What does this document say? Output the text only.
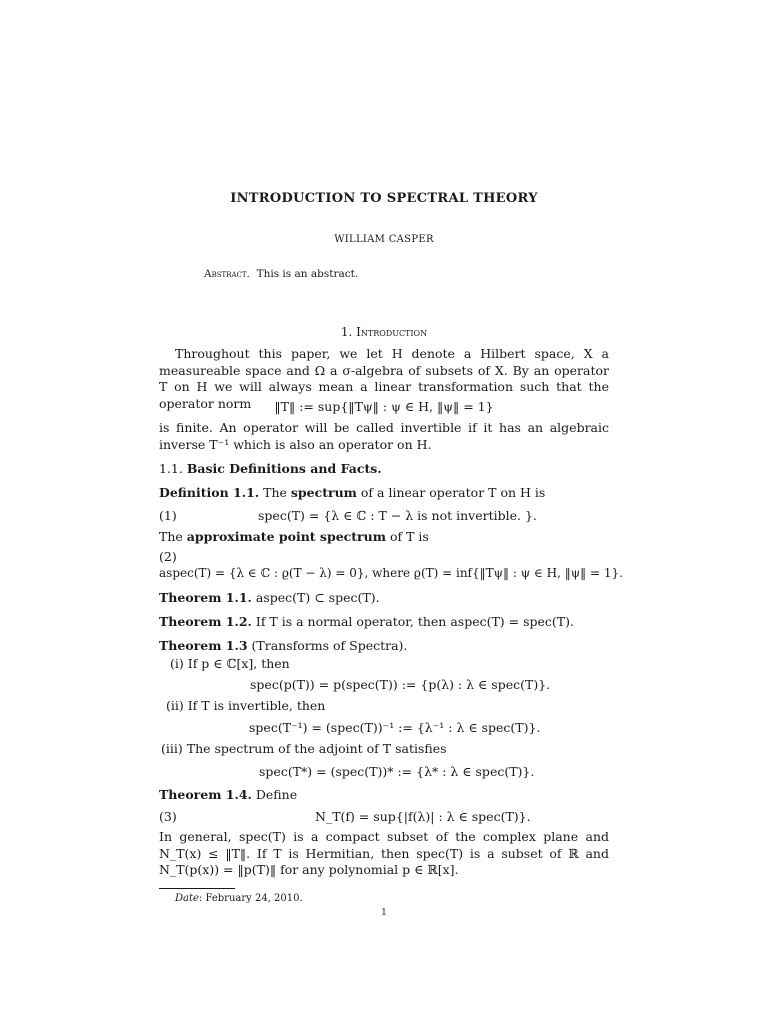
INTRODUCTION TO SPECTRAL THEORY
WILLIAM CASPER
Abstract. This is an abstract.
1. Introduction
Throughout this paper, we let H denote a Hilbert space, X a measureable space and Ω a σ-algebra of subsets of X. By an operator T on H we will always mean a linear transformation such that the operator norm	‖T‖ := sup{‖Tψ‖ : ψ ∈ H, ‖ψ‖ = 1}
is finite. An operator will be called invertible if it has an algebraic inverse T⁻¹ which is also an operator on H.
1.1. Basic Definitions and Facts.
Definition 1.1. The spectrum of a linear operator T on H is
(1)	spec(T) = {λ ∈ ℂ : T − λ is not invertible. }.
The approximate point spectrum of T is
(2)
aspec(T) = {λ ∈ ℂ : ϱ(T − λ) = 0}, where ϱ(T) = inf{‖Tψ‖ : ψ ∈ H, ‖ψ‖ = 1}.
Theorem 1.1. aspec(T) ⊂ spec(T).
Theorem 1.2. If T is a normal operator, then aspec(T) = spec(T).
Theorem 1.3 (Transforms of Spectra).
(i) If p ∈ ℂ[x], then
spec(p(T)) = p(spec(T)) := {p(λ) : λ ∈ spec(T)}.
(ii) If T is invertible, then
spec(T⁻¹) = (spec(T))⁻¹ := {λ⁻¹ : λ ∈ spec(T)}.
(iii) The spectrum of the adjoint of T satisfies
spec(T*) = (spec(T))* := {λ* : λ ∈ spec(T)}.
Theorem 1.4. Define
(3)	N_T(f) = sup{|f(λ)| : λ ∈ spec(T)}.
In general, spec(T) is a compact subset of the complex plane and N_T(x) ≤ ‖T‖. If T is Hermitian, then spec(T) is a subset of ℝ and N_T(p(x)) = ‖p(T)‖ for any polynomial p ∈ ℝ[x].
Date: February 24, 2010.
1
